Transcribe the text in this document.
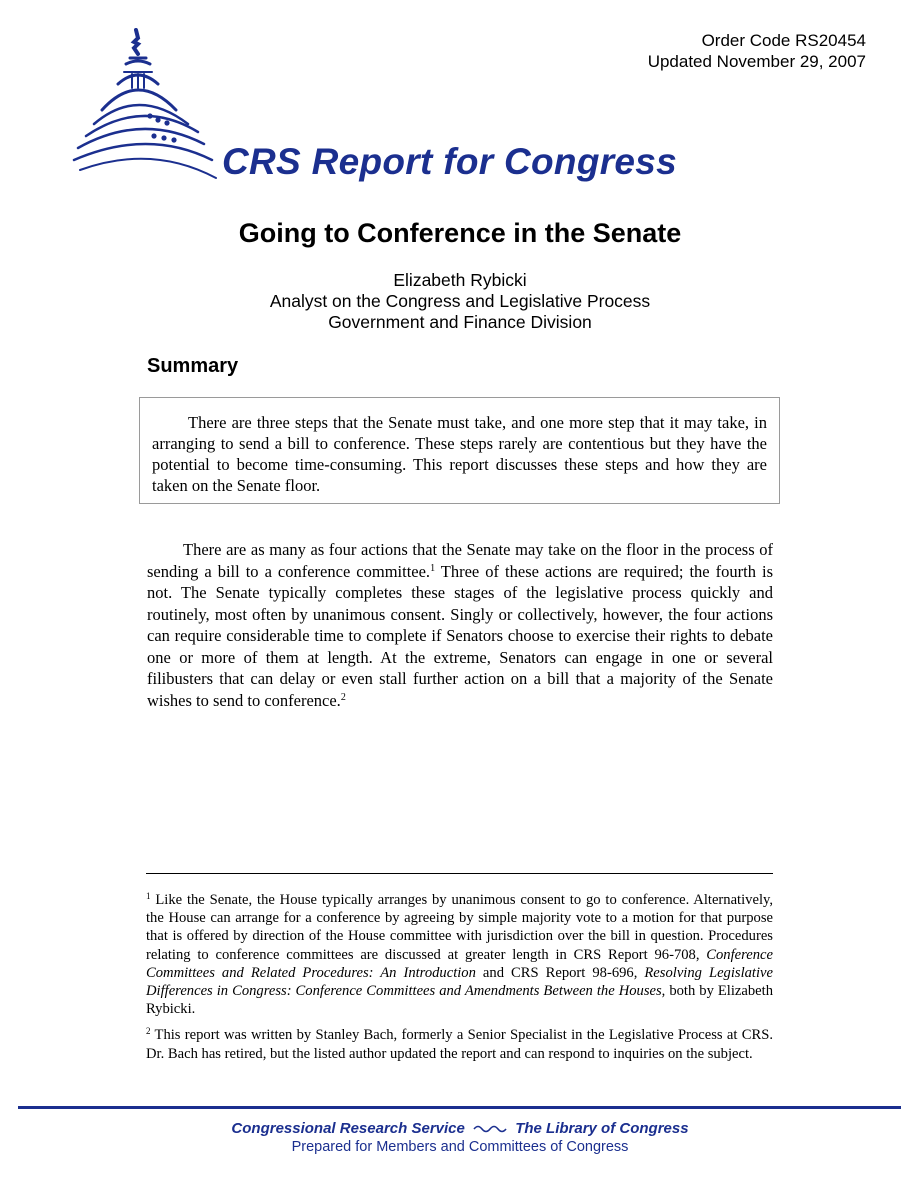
Order Code RS20454
Updated November 29, 2007
CRS Report for Congress
Going to Conference in the Senate
Elizabeth Rybicki
Analyst on the Congress and Legislative Process
Government and Finance Division
Summary

There are three steps that the Senate must take, and one more step that it may take, in arranging to send a bill to conference. These steps rarely are contentious but they have the potential to become time-consuming. This report discusses these steps and how they are taken on the Senate floor.

There are as many as four actions that the Senate may take on the floor in the process of sending a bill to a conference committee.$^1$ Three of these actions are required; the fourth is not. The Senate typically completes these stages of the legislative process quickly and routinely, most often by unanimous consent. Singly or collectively, however, the four actions can require considerable time to complete if Senators choose to exercise their rights to debate one or more of them at length. At the extreme, Senators can engage in one or several filibusters that can delay or even stall further action on a bill that a majority of the Senate wishes to send to conference.$^2$

$^1$ Like the Senate, the House typically arranges by unanimous consent to go to conference. Alternatively, the House can arrange for a conference by agreeing by simple majority vote to a motion for that purpose that is offered by direction of the House committee with jurisdiction over the bill in question. Procedures relating to conference committees are discussed at greater length in CRS Report 96-708, Conference Committees and Related Procedures: An Introduction and CRS Report 98-696, Resolving Legislative Differences in Congress: Conference Committees and Amendments Between the Houses, both by Elizabeth Rybicki.

$^2$ This report was written by Stanley Bach, formerly a Senior Specialist in the Legislative Process at CRS. Dr. Bach has retired, but the listed author updated the report and can respond to inquiries on the subject.

Congressional Research Service	The Library of Congress
Prepared for Members and Committees of Congress
